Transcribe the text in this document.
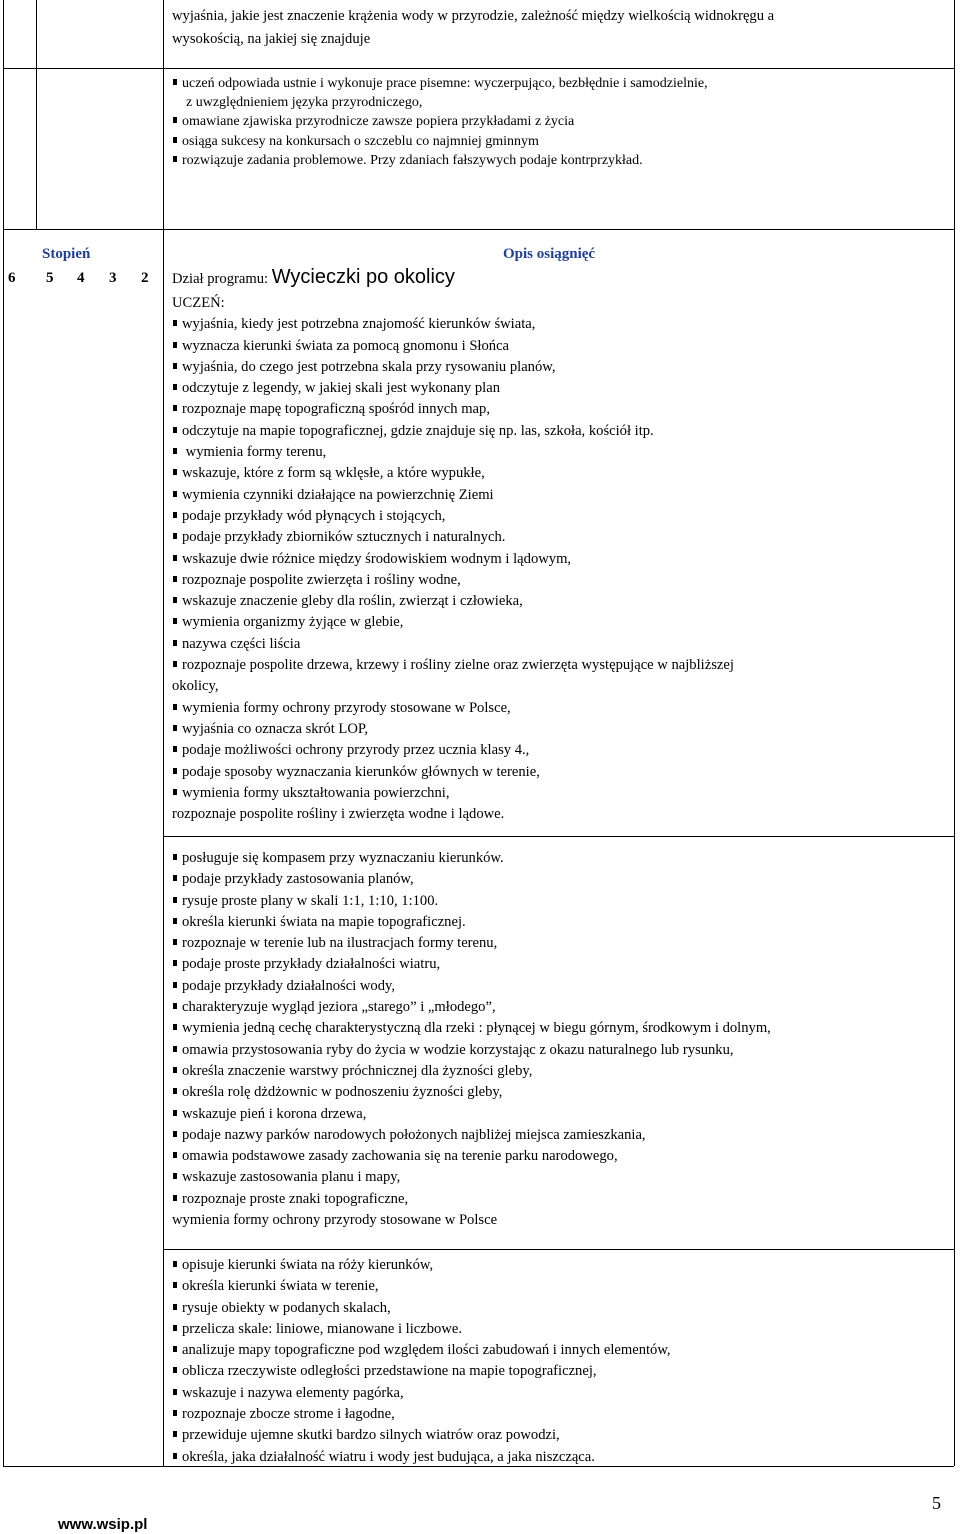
wyjaśnia, jakie jest znaczenie krążenia wody w przyrodzie, zależność między wielkością widnokręgu a
wysokością, na jakiej się znajduje
uczeń odpowiada ustnie i wykonuje prace pisemne: wyczerpująco, bezbłędnie i samodzielnie,
z uwzględnieniem języka przyrodniczego,
omawiane zjawiska przyrodnicze zawsze popiera przykładami z życia
osiąga sukcesy na konkursach o szczeblu co najmniej gminnym
rozwiązuje zadania problemowe. Przy zdaniach fałszywych podaje kontrprzykład.
Stopień	Opis osiągnięć
6 5 4 3 2 Dział programu: Wycieczki po okolicy
UCZEŃ:
wyjaśnia, kiedy jest potrzebna znajomość kierunków świata,
wyznacza kierunki świata za pomocą gnomonu i Słońca
wyjaśnia, do czego jest potrzebna skala przy rysowaniu planów,
odczytuje z legendy, w jakiej skali jest wykonany plan
rozpoznaje mapę topograficzną spośród innych map,
odczytuje na mapie topograficznej, gdzie znajduje się np. las, szkoła, kościół itp.
wymienia formy terenu,
wskazuje, które z form są wklęsłe, a które wypukłe,
wymienia czynniki działające na powierzchnię Ziemi
podaje przykłady wód płynących i stojących,
podaje przykłady zbiorników sztucznych i naturalnych.
wskazuje dwie różnice między środowiskiem wodnym i lądowym,
rozpoznaje pospolite zwierzęta i rośliny wodne,
wskazuje znaczenie gleby dla roślin, zwierząt i człowieka,
wymienia organizmy żyjące w glebie,
nazywa części liścia
rozpoznaje pospolite drzewa, krzewy i rośliny zielne oraz zwierzęta występujące w najbliższej
okolicy,
wymienia formy ochrony przyrody stosowane w Polsce,
wyjaśnia co oznacza skrót LOP,
podaje możliwości ochrony przyrody przez ucznia klasy 4.,
podaje sposoby wyznaczania kierunków głównych w terenie,
wymienia formy ukształtowania powierzchni,
rozpoznaje pospolite rośliny i zwierzęta wodne i lądowe.
posługuje się kompasem przy wyznaczaniu kierunków.
podaje przykłady zastosowania planów,
rysuje proste plany w skali 1:1, 1:10, 1:100.
określa kierunki świata na mapie topograficznej.
rozpoznaje w terenie lub na ilustracjach formy terenu,
podaje proste przykłady działalności wiatru,
podaje przykłady działalności wody,
charakteryzuje wygląd jeziora „starego” i „młodego”,
wymienia jedną cechę charakterystyczną dla rzeki : płynącej w biegu górnym, środkowym i dolnym,
omawia przystosowania ryby do życia w wodzie korzystając z okazu naturalnego lub rysunku,
określa znaczenie warstwy próchnicznej dla żyzności gleby,
określa rolę dżdżownic w podnoszeniu żyzności gleby,
wskazuje pień i korona drzewa,
podaje nazwy parków narodowych położonych najbliżej miejsca zamieszkania,
omawia podstawowe zasady zachowania się na terenie parku narodowego,
wskazuje zastosowania planu i mapy,
rozpoznaje proste znaki topograficzne,
wymienia formy ochrony przyrody stosowane w Polsce
opisuje kierunki świata na róży kierunków,
określa kierunki świata w terenie,
rysuje obiekty w podanych skalach,
przelicza skale: liniowe, mianowane i liczbowe.
analizuje mapy topograficzne pod względem ilości zabudowań i innych elementów,
oblicza rzeczywiste odległości przedstawione na mapie topograficznej,
wskazuje i nazywa elementy pagórka,
rozpoznaje zbocze strome i łagodne,
przewiduje ujemne skutki bardzo silnych wiatrów oraz powodzi,
określa, jaka działalność wiatru i wody jest budująca, a jaka niszcząca.
www.wsip.pl
5
